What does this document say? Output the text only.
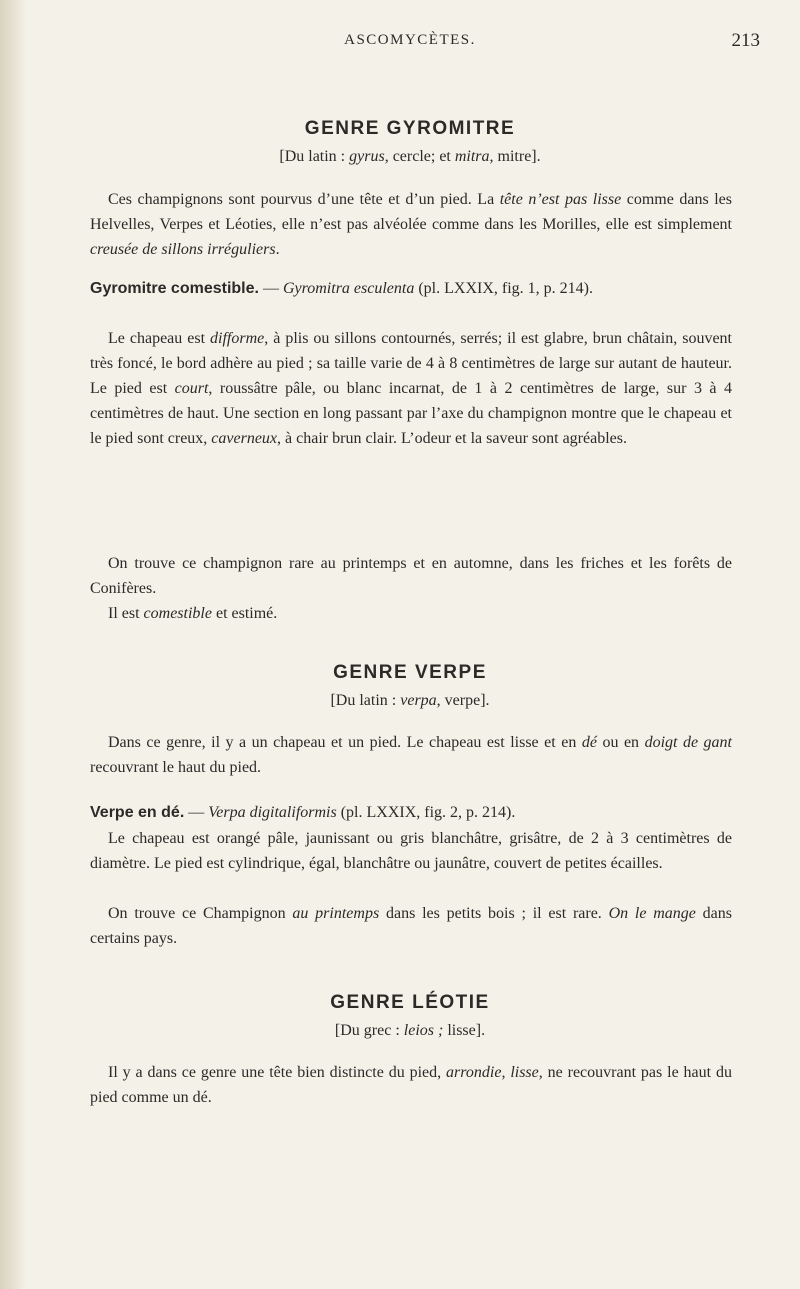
ASCOMYCÈTES.	213
GENRE GYROMITRE
[Du latin : gyrus, cercle; et mitra, mitre].

Ces champignons sont pourvus d’une tête et d’un pied. La tête n’est pas lisse comme dans les Helvelles, Verpes et Léoties, elle n’est pas alvéolée comme dans les Morilles, elle est simplement creusée de sillons irréguliers.

Gyromitre comestible. — Gyromitra esculenta (pl. LXXIX, fig. 1, p. 214).

Le chapeau est difforme, à plis ou sillons contournés, serrés; il est glabre, brun châtain, souvent très foncé, le bord adhère au pied ; sa taille varie de 4 à 8 centimètres de large sur autant de hauteur. Le pied est court, roussâtre pâle, ou blanc incarnat, de 1 à 2 centimètres de large, sur 3 à 4 centimètres de haut. Une section en long passant par l’axe du champignon montre que le chapeau et le pied sont creux, caverneux, à chair brun clair. L’odeur et la saveur sont agréables.

On trouve ce champignon rare au printemps et en automne, dans les friches et les forêts de Conifères.

Il est comestible et estimé.

GENRE VERPE
[Du latin : verpa, verpe].

Dans ce genre, il y a un chapeau et un pied. Le chapeau est lisse et en dé ou en doigt de gant recouvrant le haut du pied.

Verpe en dé. — Verpa digitaliformis (pl. LXXIX, fig. 2, p. 214).

Le chapeau est orangé pâle, jaunissant ou gris blanchâtre, grisâtre, de 2 à 3 centimètres de diamètre. Le pied est cylindrique, égal, blanchâtre ou jaunâtre, couvert de petites écailles.

On trouve ce Champignon au printemps dans les petits bois ; il est rare. On le mange dans certains pays.

GENRE LÉOTIE
[Du grec : leios ; lisse].

Il y a dans ce genre une tête bien distincte du pied, arrondie, lisse, ne recouvrant pas le haut du pied comme un dé.
